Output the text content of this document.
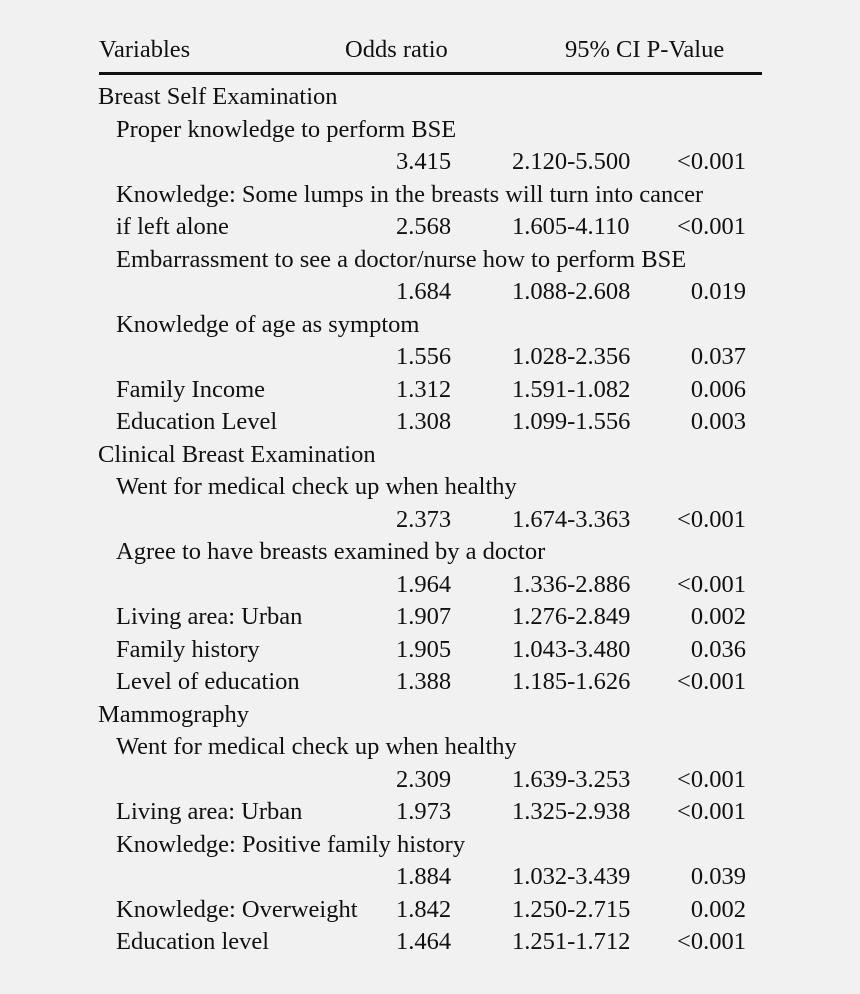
Variables	Odds ratio	95% CI P-Value
Breast Self Examination
Proper knowledge to perform BSE
3.415 2.120-5.500 <0.001
Knowledge: Some lumps in the breasts will turn into cancer
if left alone	2.568 1.605-4.110 <0.001
Embarrassment to see a doctor/nurse how to perform BSE
1.684 1.088-2.608 0.019
Knowledge of age as symptom
1.556 1.028-2.356 0.037
Family Income	1.312 1.591-1.082 0.006
Education Level	1.308 1.099-1.556 0.003
Clinical Breast Examination
Went for medical check up when healthy
2.373 1.674-3.363 <0.001
Agree to have breasts examined by a doctor
1.964 1.336-2.886 <0.001
Living area: Urban	1.907 1.276-2.849 0.002
Family history	1.905 1.043-3.480 0.036
Level of education	1.388 1.185-1.626 <0.001
Mammography
Went for medical check up when healthy
2.309 1.639-3.253 <0.001
Living area: Urban	1.973 1.325-2.938 <0.001
Knowledge: Positive family history
1.884 1.032-3.439 0.039
Knowledge: Overweight 1.842 1.250-2.715 0.002
Education level	1.464 1.251-1.712 <0.001
